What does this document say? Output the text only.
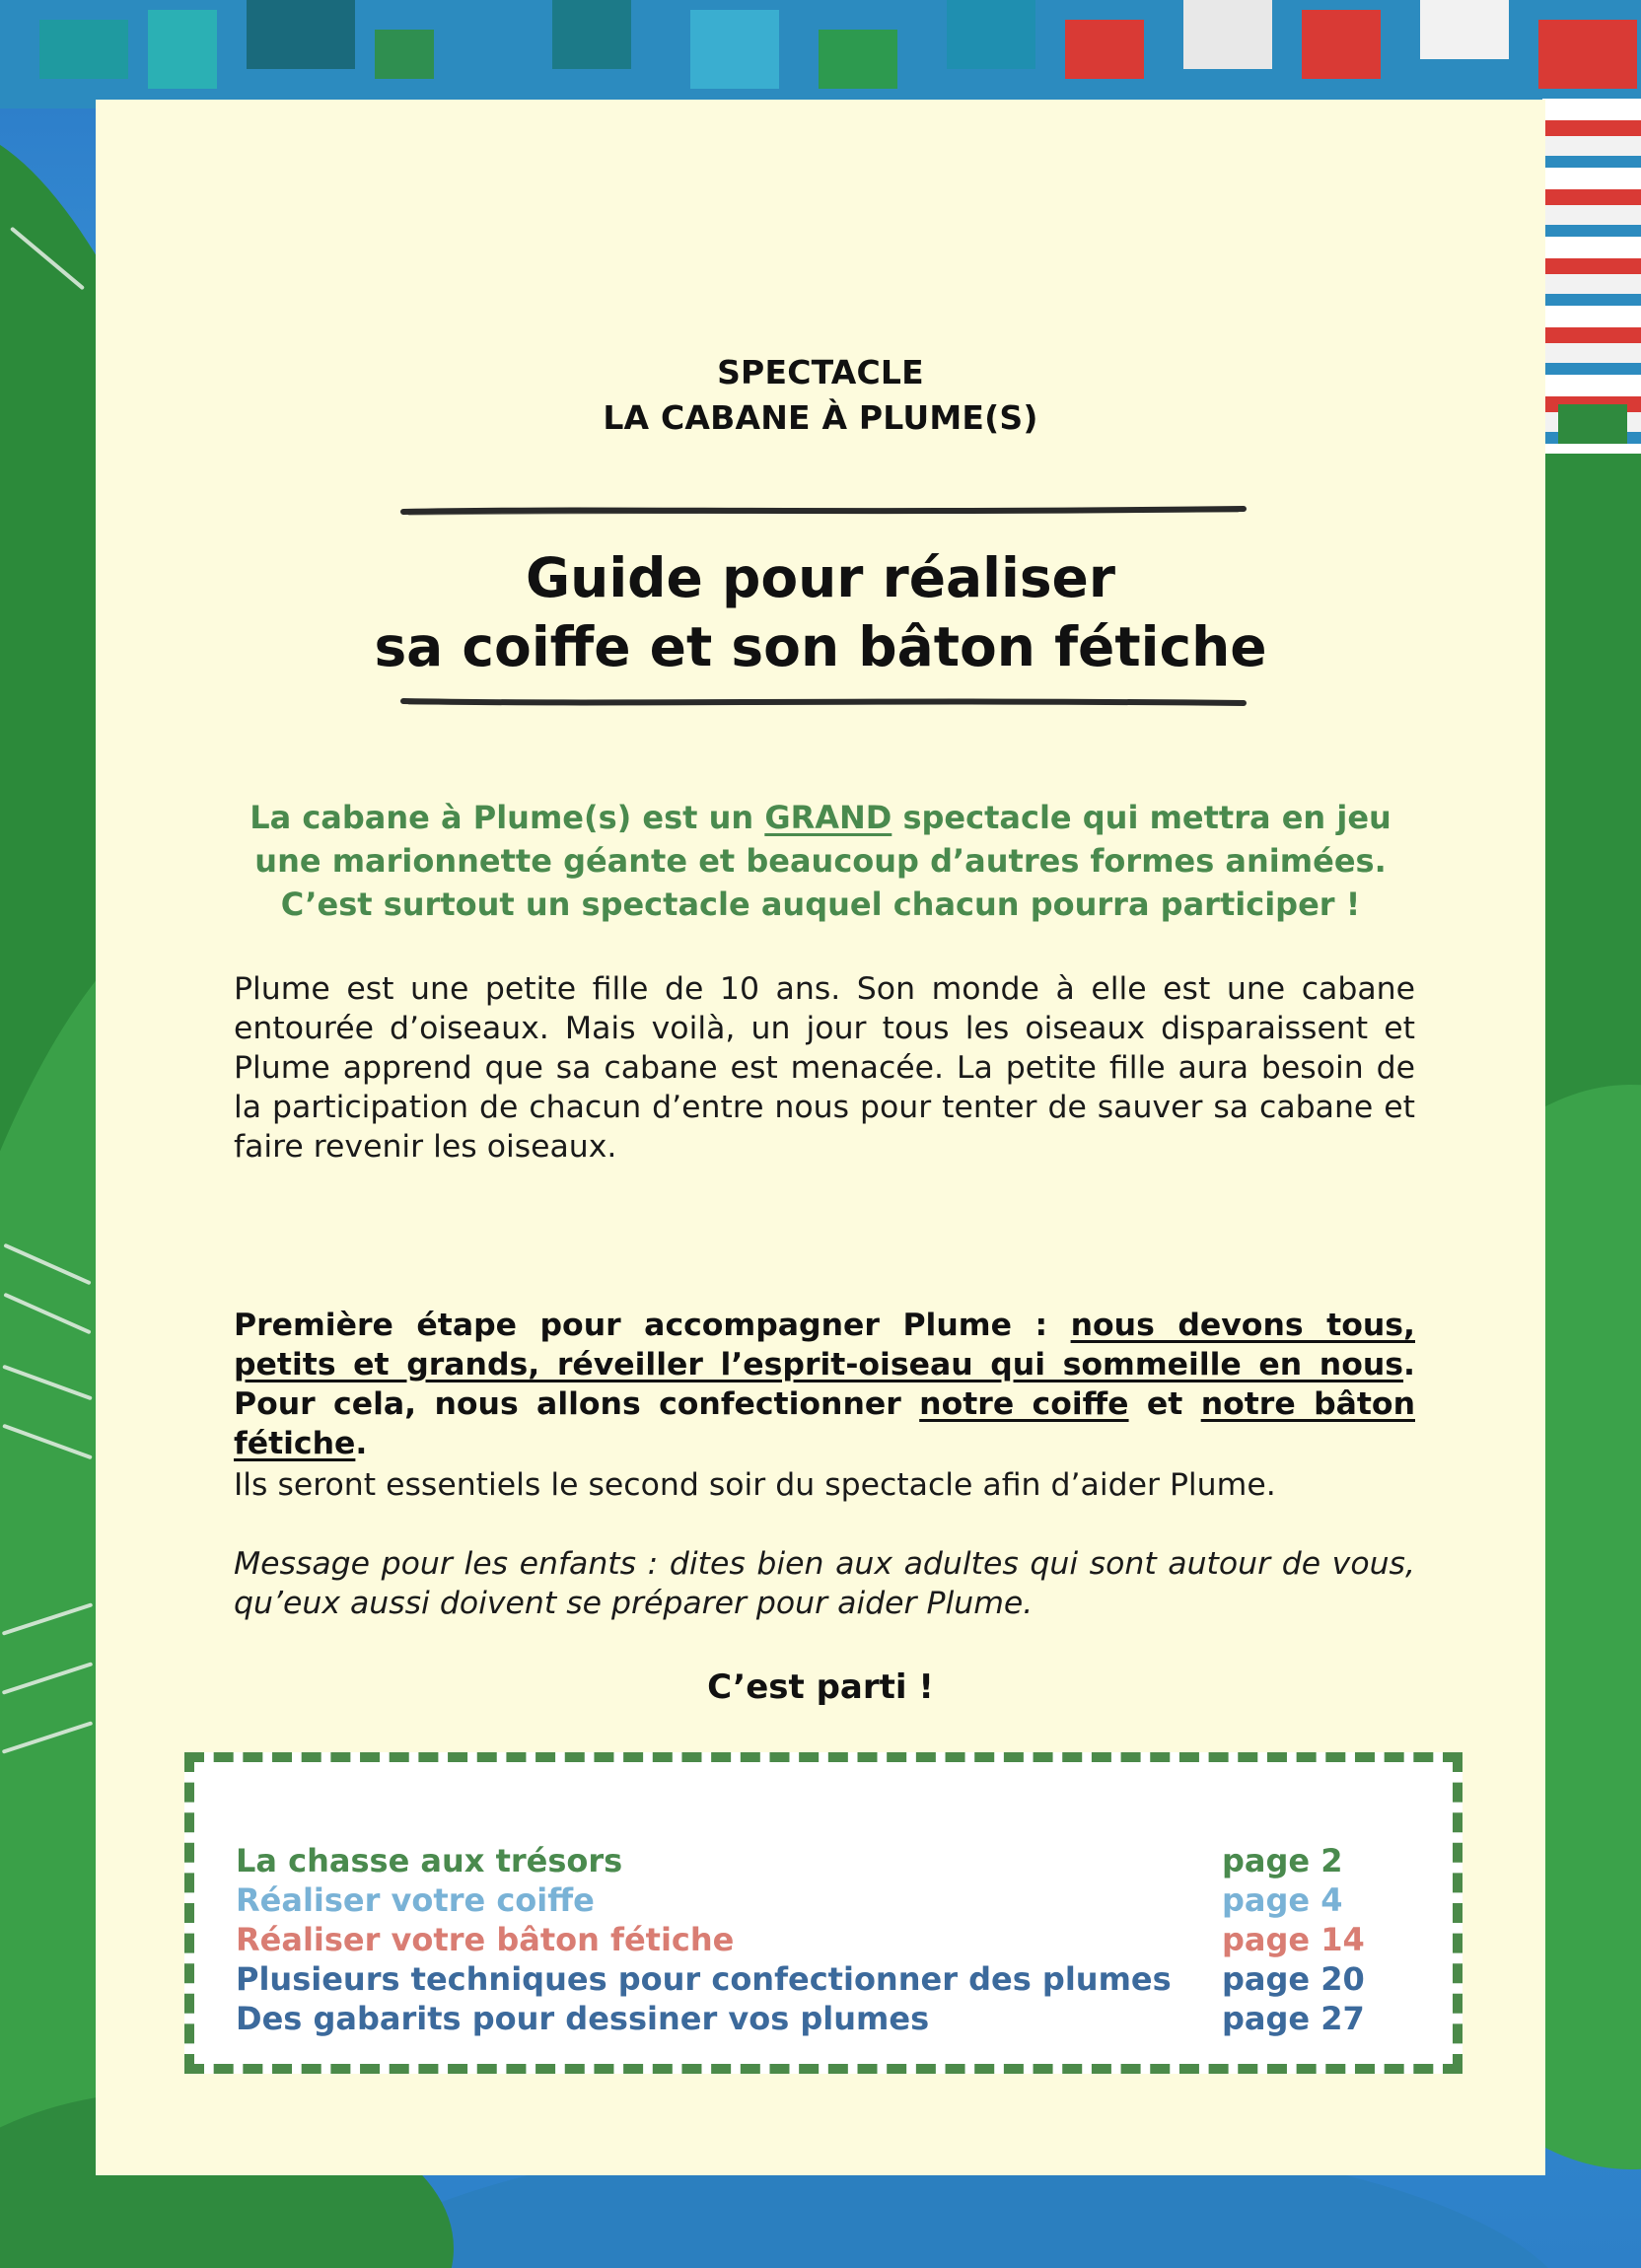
SPECTACLE
LA CABANE À PLUME(S)
Guide pour réaliser
sa coiffe et son bâton fétiche
La cabane à Plume(s) est un GRAND spectacle qui mettra en jeu
une marionnette géante et beaucoup d’autres formes animées.
C’est surtout un spectacle auquel chacun pourra participer !
Plume est une petite fille de 10 ans. Son monde à elle est une cabane entourée d’oiseaux. Mais voilà, un jour tous les oiseaux disparaissent et Plume apprend que sa cabane est menacée. La petite fille aura besoin de la participation de chacun d’entre nous pour tenter de sauver sa cabane et faire revenir les oiseaux.
Première étape pour accompagner Plume : nous devons tous, petits et grands, réveiller l’esprit-oiseau qui sommeille en nous. Pour cela, nous allons confectionner notre coiffe et notre bâton fétiche.
Ils seront essentiels le second soir du spectacle afin d’aider Plume.
Message pour les enfants : dites bien aux adultes qui sont autour de vous, qu’eux aussi doivent se préparer pour aider Plume.
C’est parti !
La chasse aux trésors	page 2
Réaliser votre coiffe	page 4
Réaliser votre bâton fétiche	page 14
Plusieurs techniques pour confectionner des plumes page 20
Des gabarits pour dessiner vos plumes	page 27
